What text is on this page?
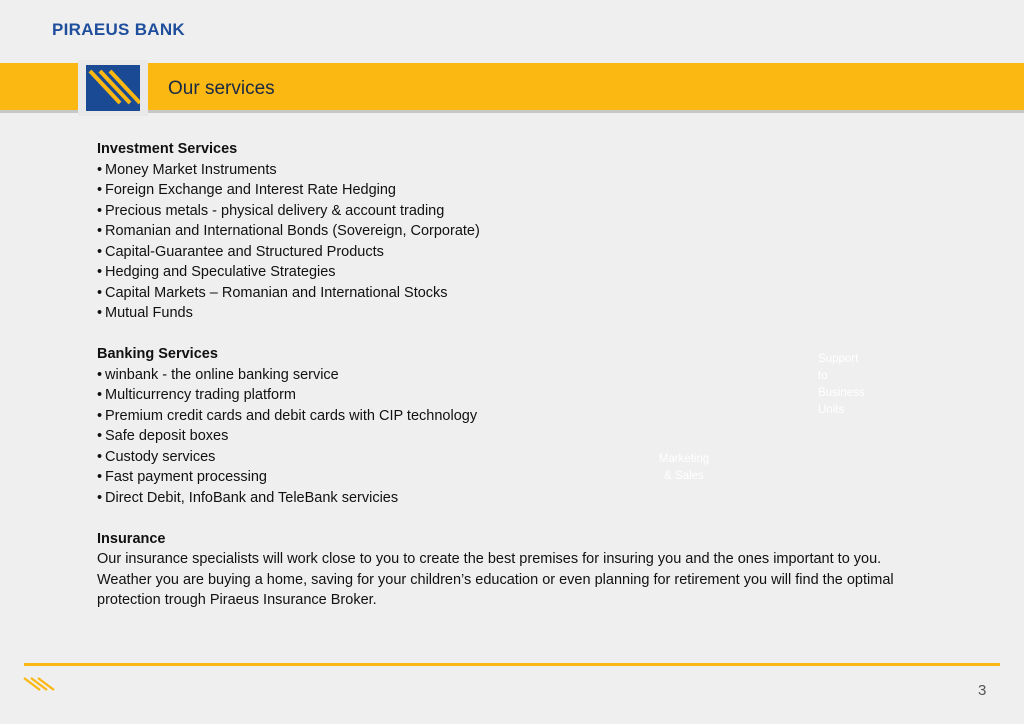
PIRAEUS BANK
Our services
Investment Services
• Money Market Instruments
• Foreign Exchange and Interest Rate Hedging
• Precious metals - physical delivery & account trading
• Romanian and International Bonds (Sovereign, Corporate)
• Capital-Guarantee and Structured Products
• Hedging and Speculative Strategies
• Capital Markets – Romanian and International Stocks
• Mutual Funds
Banking Services
• winbank - the online banking service
• Multicurrency trading platform
• Premium credit cards and debit cards with CIP technology
• Safe deposit boxes
• Custody services
• Fast payment processing
• Direct Debit, InfoBank and TeleBank servicies
Insurance

Our insurance specialists will work close to you to create the best premises for insuring you and the ones important to you. Weather you are buying a home, saving for your children’s education or even planning for retirement you will find the optimal protection trough Piraeus Insurance Broker.

Support
to
Business
Units
Marketing
& Sales
3
